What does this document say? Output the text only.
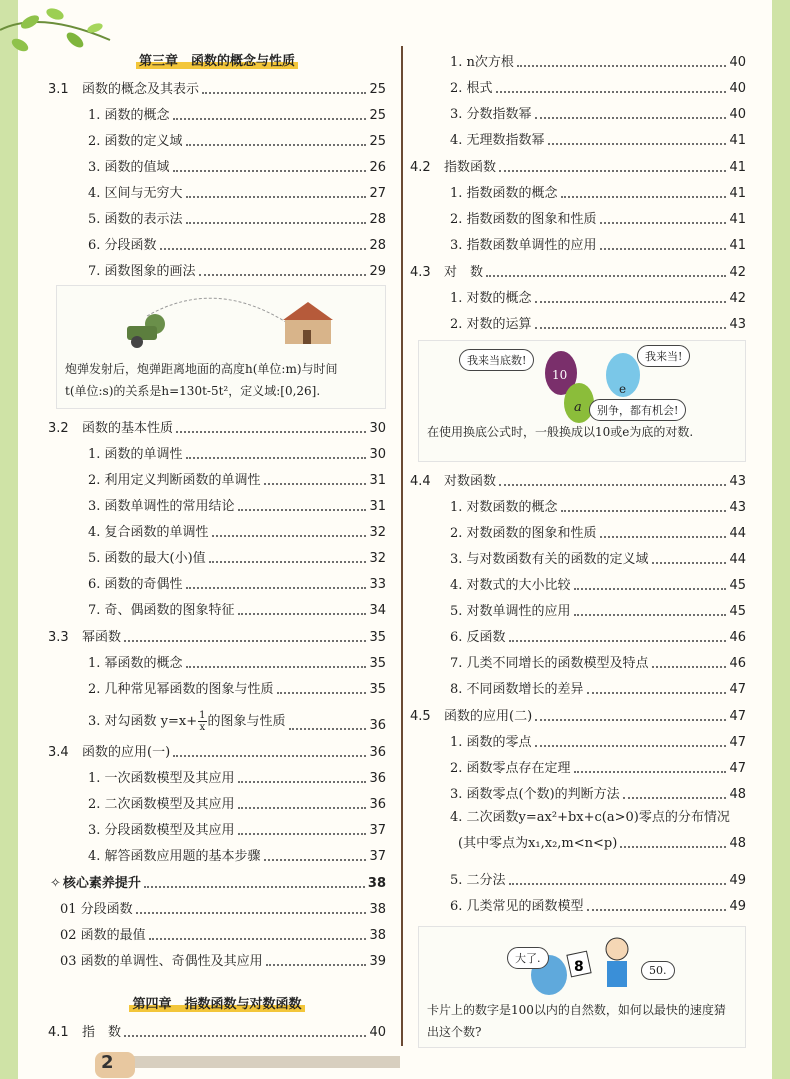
第三章　函数的概念与性质
3.1 函数的概念及其表示	25
1. 函数的概念	25
2. 函数的定义域	25
3. 函数的值域	26
4. 区间与无穷大	27
5. 函数的表示法	28
6. 分段函数	28
7. 函数图象的画法	29
炮弹发射后，炮弹距离地面的高度h(单位:m)与时间
t(单位:s)的关系是h=130t-5t²，定义域:[0,26].
3.2 函数的基本性质	30
1. 函数的单调性	30
2. 利用定义判断函数的单调性	31
3. 函数单调性的常用结论	31
4. 复合函数的单调性	32
5. 函数的最大(小)值	32
6. 函数的奇偶性	33
7. 奇、偶函数的图象特征	34
3.3 幂函数	35
1. 幂函数的概念	35
2. 几种常见幂函数的图象与性质	35
3. 对勾函数 $y=x+ \frac{1}{x}$ 的图象与性质	36
3.4 函数的应用(一)	36
1. 一次函数模型及其应用	36
2. 二次函数模型及其应用	36
3. 分段函数模型及其应用	37
4. 解答函数应用题的基本步骤	37
✧ 核心素养提升	38
01 分段函数	38
02 函数的最值	38
03 函数的单调性、奇偶性及其应用	39
第四章　指数函数与对数函数
4.1 指　数	40
1. n次方根	40
2. 根式	40
3. 分数指数幂	40
4. 无理数指数幂	41
4.2 指数函数	41
1. 指数函数的概念	41
2. 指数函数的图象和性质	41
3. 指数函数单调性的应用	41
4.3 对　数	42
1. 对数的概念	42
2. 对数的运算	43
我来当底数!	我来当!
别争，都有机会!
10
e
a
在使用换底公式时，一般换成以10或e为底的对数.
4.4 对数函数	43
1. 对数函数的概念	43
2. 对数函数的图象和性质	44
3. 与对数函数有关的函数的定义域	44
4. 对数式的大小比较	45
5. 对数单调性的应用	45
6. 反函数	46
7. 几类不同增长的函数模型及特点	46
8. 不同函数增长的差异	47
4.5 函数的应用(二)	47
1. 函数的零点	47
2. 函数零点存在定理	47
3. 函数零点(个数)的判断方法	48
4. 二次函数y=ax²+bx+c(a>0)零点的分布情况
(其中零点为x₁,x₂,m<n<p)	48
5. 二分法	49
6. 几类常见的函数模型	49
大了.
50.
8
卡片上的数字是100以内的自然数，如何以最快的速度猜
出这个数?
2
